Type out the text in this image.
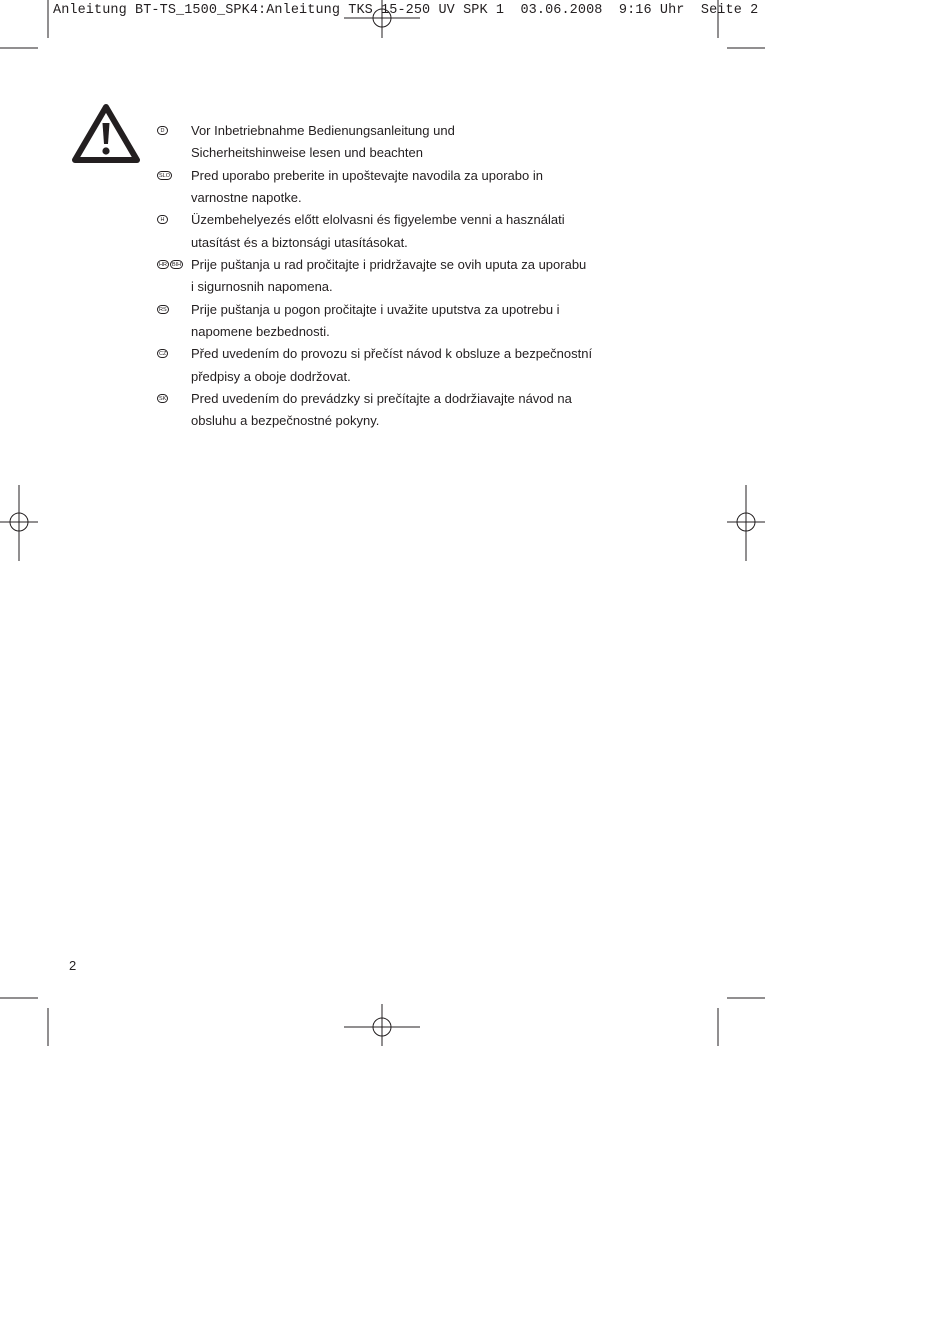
Anleitung BT-TS_1500_SPK4:Anleitung TKS 15-250 UV SPK 1  03.06.2008  9:16 Uhr  Seite 2
D Vor Inbetriebnahme Bedienungsanleitung und
Sicherheitshinweise lesen und beachten
SLO Pred uporabo preberite in upoštevajte navodila za uporabo in
varnostne napotke.
H Üzembehelyezés előtt elolvasni és figyelembe venni a használati
utasítást és a biztonsági utasításokat.
HR BIH Prije puštanja u rad pročitajte i pridržavajte se ovih uputa za uporabu
i sigurnosnih napomena.
RS Prije puštanja u pogon pročitajte i uvažite uputstva za upotrebu i
napomene bezbednosti.
CZ Před uvedením do provozu si přečíst návod k obsluze a bezpečnostní
předpisy a oboje dodržovat.
SK Pred uvedením do prevádzky si prečítajte a dodržiavajte návod na
obsluhu a bezpečnostné pokyny.
2
